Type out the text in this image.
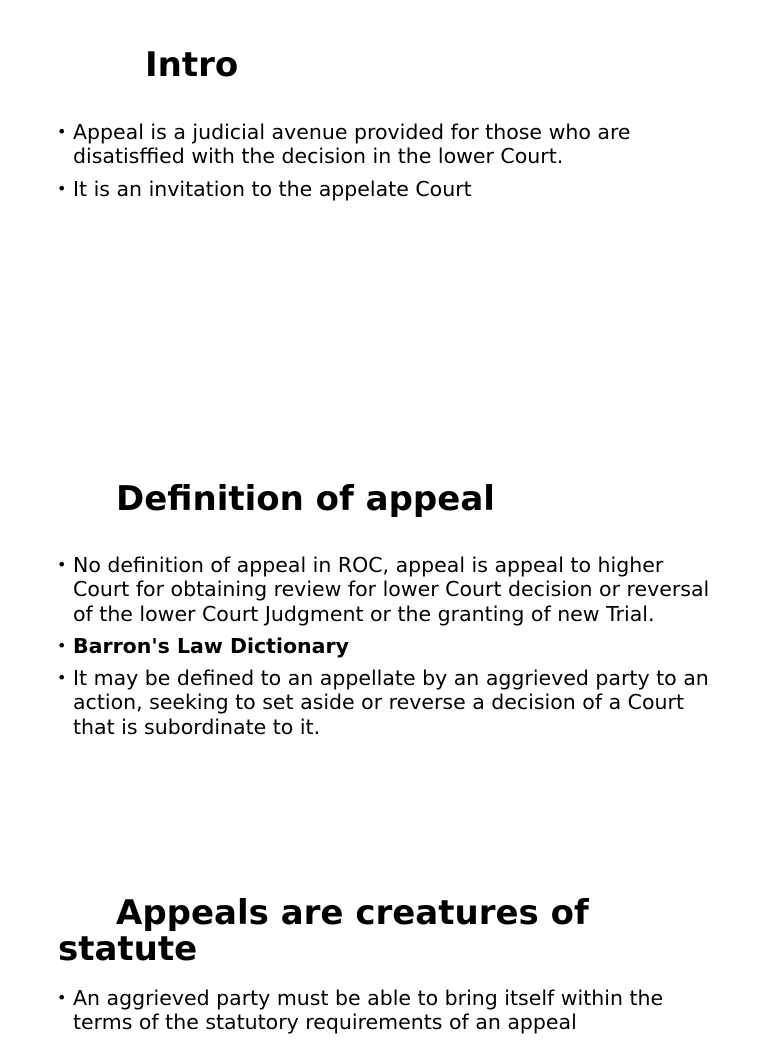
Intro
• Appeal is a judicial avenue provided for those who are disatisffied with the decision in the lower Court.
• It is an invitation to the appelate Court
Definition of appeal
• No definition of appeal in ROC, appeal is appeal to higher Court for obtaining review for lower Court decision or reversal of the lower Court Judgment or the granting of new Trial.
• Barron's Law Dictionary
• It may be defined to an appellate by an aggrieved party to an action, seeking to set aside or reverse a decision of a Court that is subordinate to it.
Appeals are creatures of
statute
• An aggrieved party must be able to bring itself within the terms of the statutory requirements of an appeal
